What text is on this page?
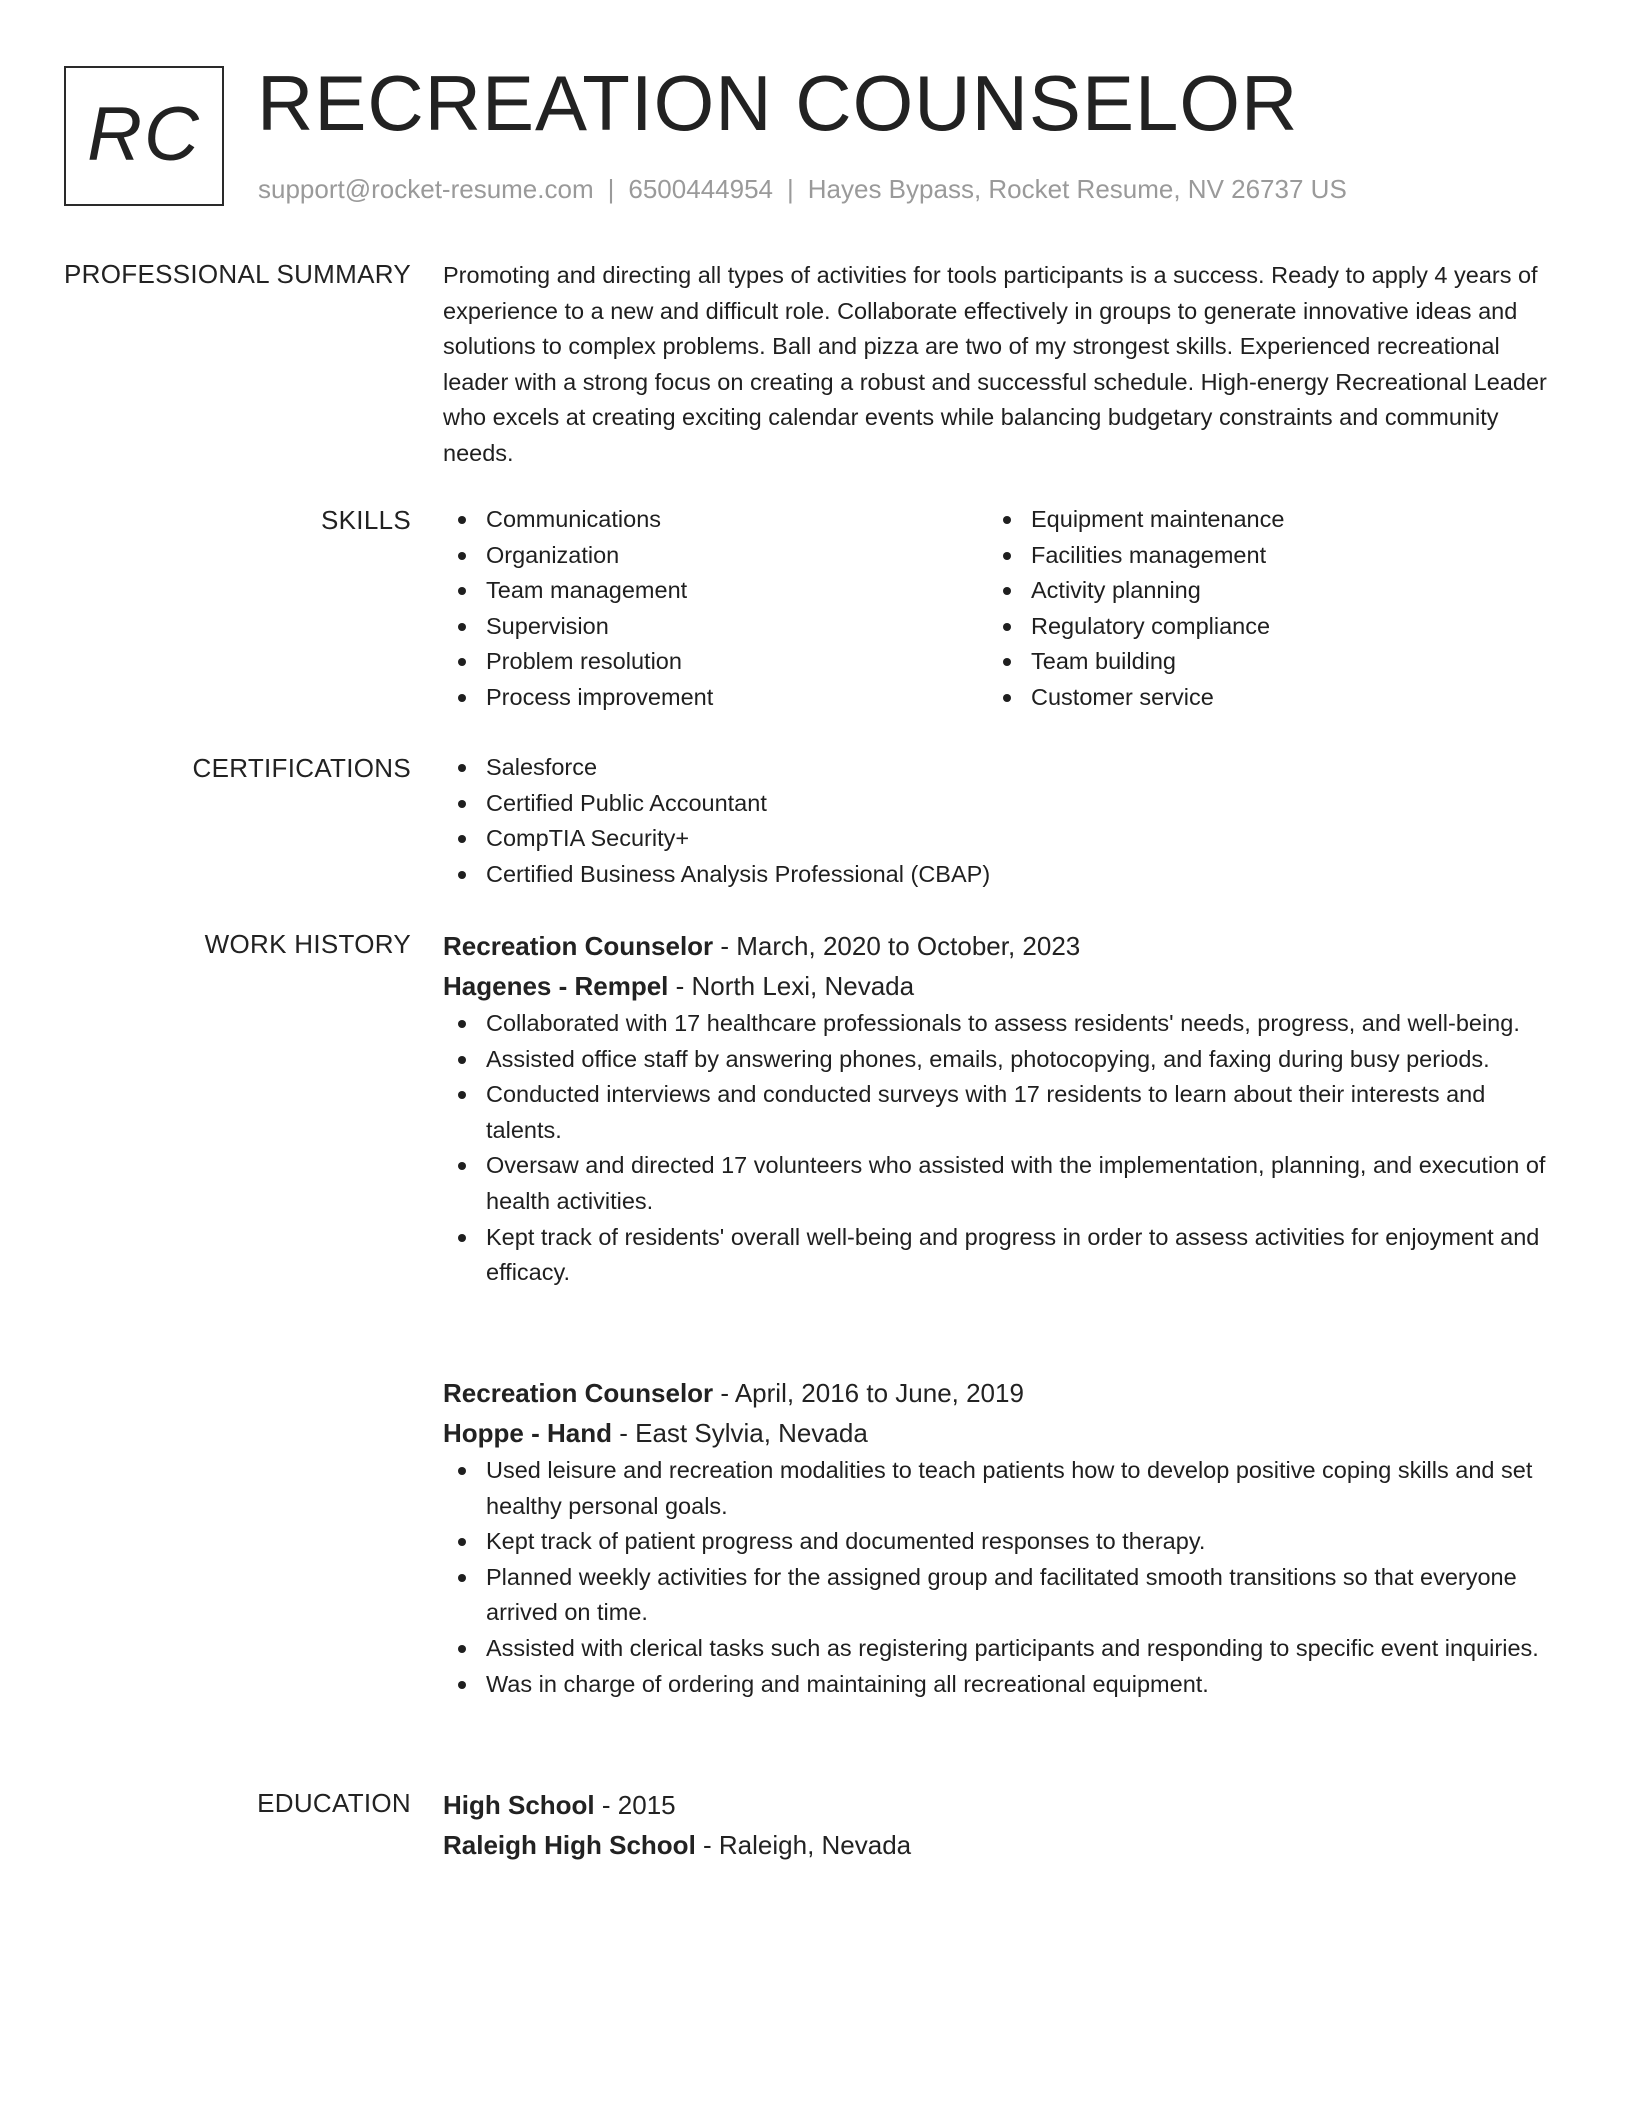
RC RECREATION COUNSELOR
support@rocket-resume.com | 6500444954 | Hayes Bypass, Rocket Resume, NV 26737 US
PROFESSIONAL SUMMARY Promoting and directing all types of activities for tools participants is a success. Ready to apply 4 years of experience to a new and difficult role. Collaborate effectively in groups to generate innovative ideas and solutions to complex problems. Ball and pizza are two of my strongest skills. Experienced recreational leader with a strong focus on creating a robust and successful schedule. High-energy Recreational Leader who excels at creating exciting calendar events while balancing budgetary constraints and community needs.

SKILLS	Communications
Organization
Team management
Supervision
Problem resolution
Process improvement
Equipment maintenance
Facilities management
Activity planning
Regulatory compliance
Team building
Customer service
CERTIFICATIONS	Salesforce
Certified Public Accountant
CompTIA Security+
Certified Business Analysis Professional (CBAP)
WORK HISTORY Recreation Counselor - March, 2020 to October, 2023
Hagenes - Rempel - North Lexi, Nevada
Collaborated with 17 healthcare professionals to assess residents' needs, progress, and well-being.
Assisted office staff by answering phones, emails, photocopying, and faxing during busy periods.
Conducted interviews and conducted surveys with 17 residents to learn about their interests and talents.
Oversaw and directed 17 volunteers who assisted with the implementation, planning, and execution of health activities.
Kept track of residents' overall well-being and progress in order to assess activities for enjoyment and efficacy.
Recreation Counselor - April, 2016 to June, 2019
Hoppe - Hand - East Sylvia, Nevada
Used leisure and recreation modalities to teach patients how to develop positive coping skills and set healthy personal goals.
Kept track of patient progress and documented responses to therapy.
Planned weekly activities for the assigned group and facilitated smooth transitions so that everyone arrived on time.
Assisted with clerical tasks such as registering participants and responding to specific event inquiries.
Was in charge of ordering and maintaining all recreational equipment.
EDUCATION High School - 2015
Raleigh High School - Raleigh, Nevada
